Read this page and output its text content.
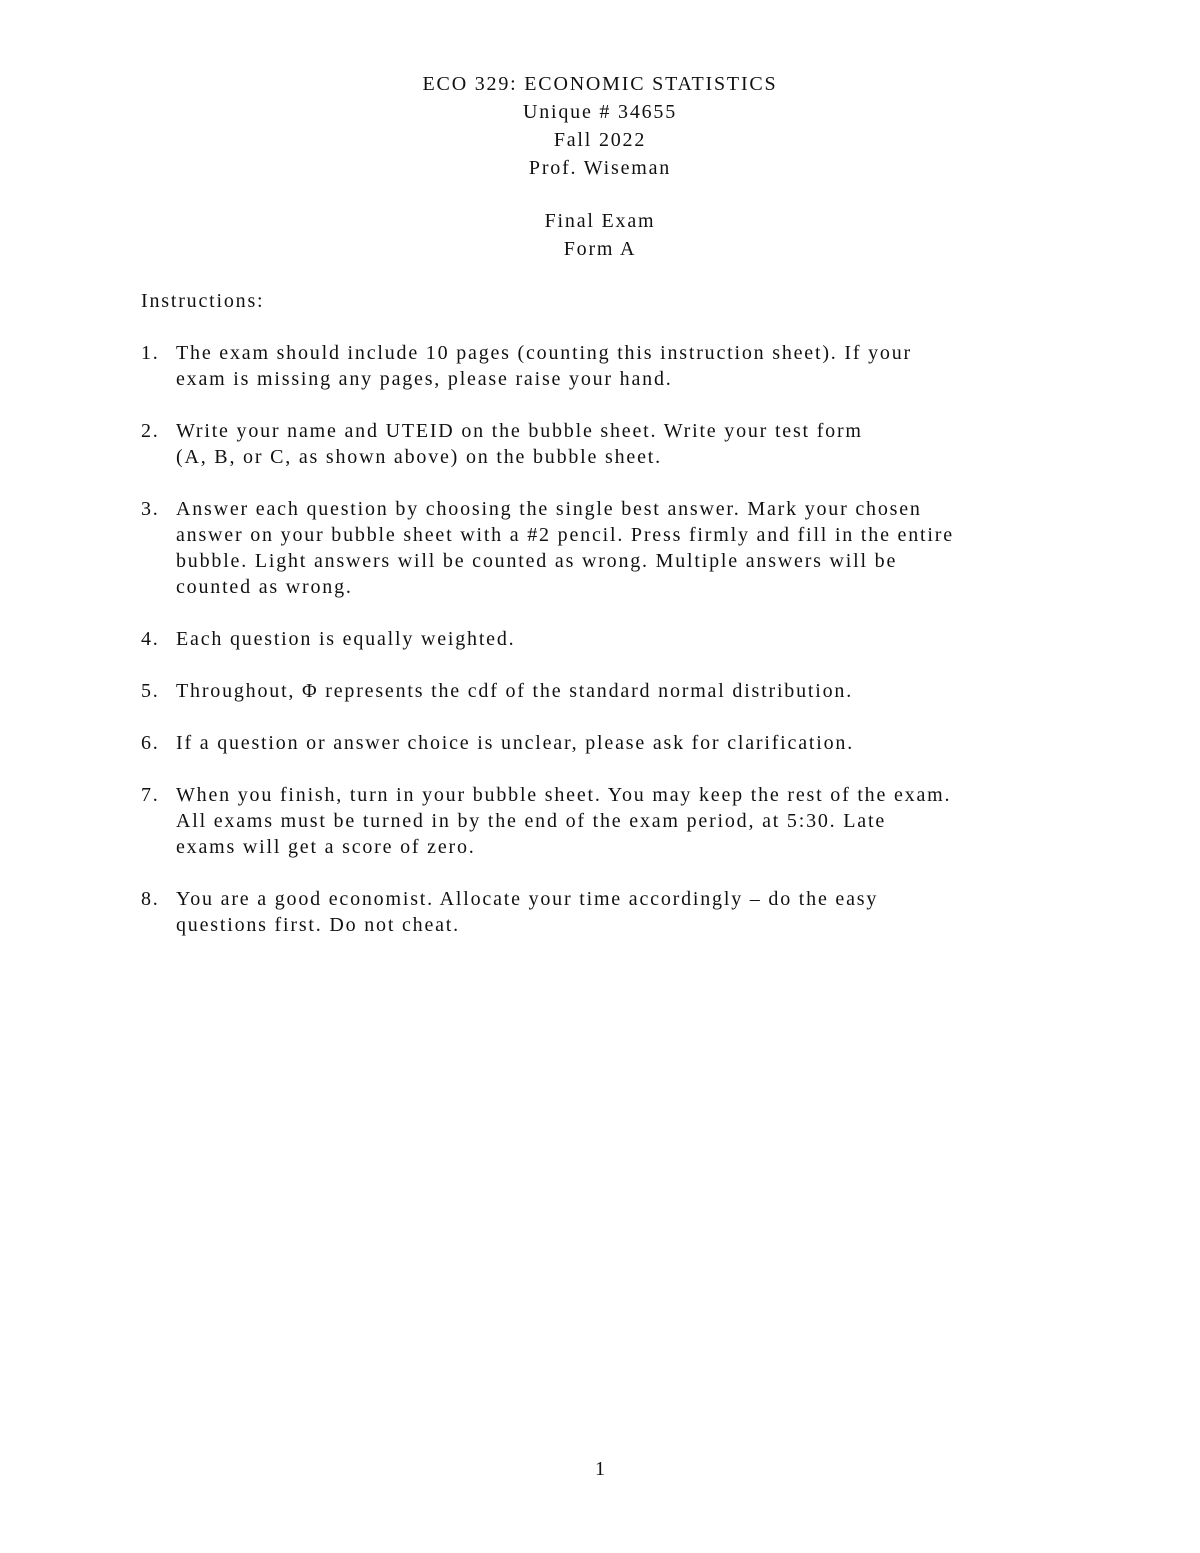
ECO 329: ECONOMIC STATISTICS
Unique # 34655
Fall 2022
Prof. Wiseman
Final Exam
Form A
Instructions:
1. The exam should include 10 pages (counting this instruction sheet). If your
exam is missing any pages, please raise your hand.
2. Write your name and UTEID on the bubble sheet. Write your test form
(A, B, or C, as shown above) on the bubble sheet.
3. Answer each question by choosing the single best answer. Mark your chosen
answer on your bubble sheet with a #2 pencil. Press firmly and fill in the entire
bubble. Light answers will be counted as wrong. Multiple answers will be
counted as wrong.
4. Each question is equally weighted.
5. Throughout, Φ represents the cdf of the standard normal distribution.
6. If a question or answer choice is unclear, please ask for clarification.
7. When you finish, turn in your bubble sheet. You may keep the rest of the exam.
All exams must be turned in by the end of the exam period, at 5:30. Late
exams will get a score of zero.
8. You are a good economist. Allocate your time accordingly – do the easy
questions first. Do not cheat.
1
